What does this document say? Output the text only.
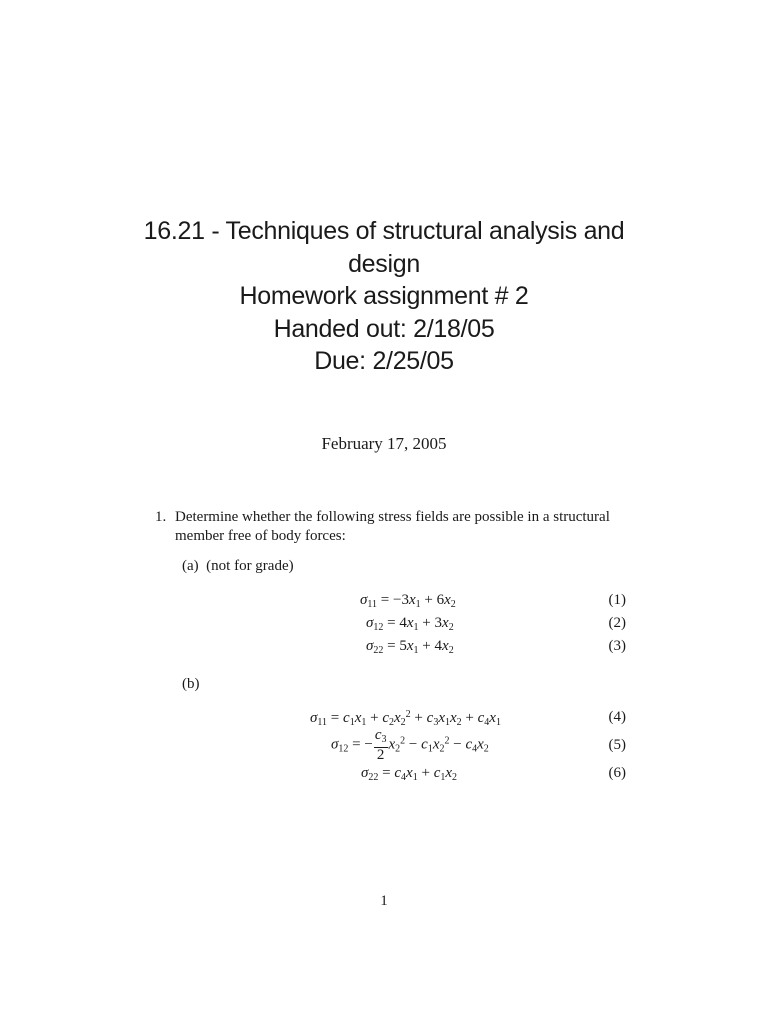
16.21 - Techniques of structural analysis and
design
Homework assignment # 2
Handed out: 2/18/05
Due: 2/25/05
February 17, 2005
1. Determine whether the following stress fields are possible in a structural member free of body forces:
(a) (not for grade)
$\sigma_{11} = -3x_1 + 6x_2$	(1)
$\sigma_{12} = 4x_1 + 3x_2$	(2)
$\sigma_{22} = 5x_1 + 4x_2$	(3)
(b)
$\sigma_{11} = c_1x_1 + c_2x_2^2 + c_3x_1x_2 + c_4x_1$	(4)
$\sigma_{12}$ = − $\frac{c_3}{2} x_2^2 - c_1x_2^2 - c_4x_2$	(5)
$\sigma_{22} = c_4x_1 + c_1x_2$	(6)
1
